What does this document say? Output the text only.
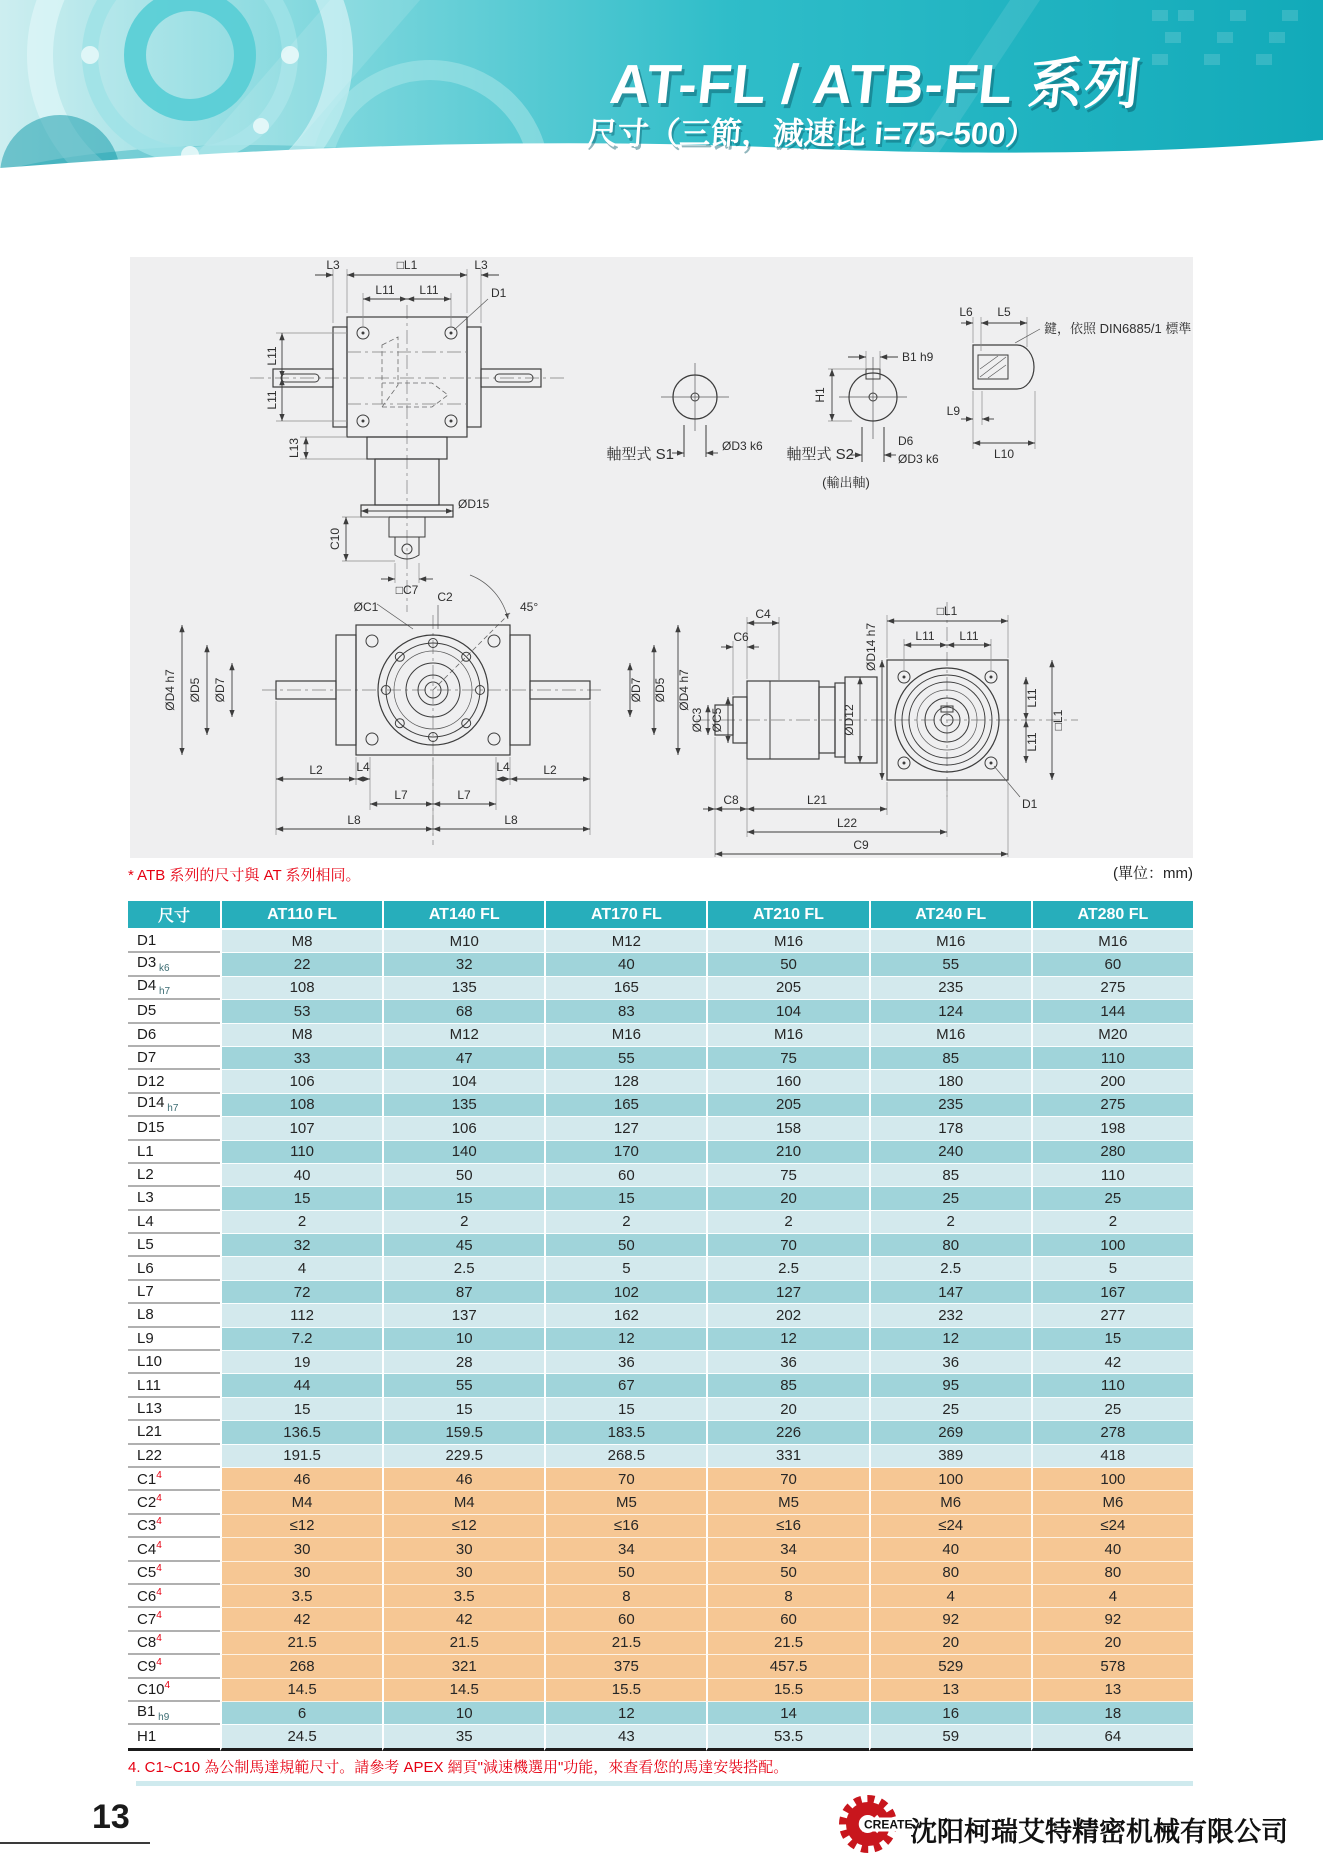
AT-FL / ATB-FL 系列
尺寸（三節，減速比 i=75~500）
L3	□L1	L3
L11 L11	D1
L11
L11
L13
ØD15
C10
□C7
ØC1
C2
45°
ØD4 h7 ØD5 ØD7	ØD7 ØD5 ØD4 h7
L2	L4	L4	L2
L7	L7
L8	L8
軸型式 S1	ØD3 k6
B1 h9
H1
D6
ØD3 k6
軸型式 S2
(輸出軸)
L6 L5
鍵，依照 DIN6885/1 標準
L9
L10
C4
C6
ØC5
ØC3	ØD12
ØD14 h7
□L1
L11 L11
L11
L11
□L1
D1
C8	L21
L22
C9
* ATB 系列的尺寸與 AT 系列相同。	(單位：mm)
尺寸	AT110 FL	AT140 FL	AT170 FL	AT210 FL	AT240 FL	AT280 FL
D1	M8	M10	M12	M16	M16	M16
D3 $_{k6}$	22	32	40	50	55	60
D4 $_{h7}$	108	135	165	205	235	275
D5	53	68	83	104	124	144
D6	M8	M12	M16	M16	M16	M20
D7	33	47	55	75	85	110
D12	106	104	128	160	180	200
D14 $_{h7}$	108	135	165	205	235	275
D15	107	106	127	158	178	198
L1	110	140	170	210	240	280
L2	40	50	60	75	85	110
L3	15	15	15	20	25	25
L4	2	2	2	2	2	2
L5	32	45	50	70	80	100
L6	4	2.5	5	2.5	2.5	5
L7	72	87	102	127	147	167
L8	112	137	162	202	232	277
L9	7.2	10	12	12	12	15
L10	19	28	36	36	36	42
L11	44	55	67	85	95	110
L13	15	15	15	20	25	25
L21	136.5	159.5	183.5	226	269	278
L22	191.5	229.5	268.5	331	389	418
$C1^4$	46	46	70	70	100	100
$C2^4$	M4	M4	M5	M5	M6	M6
$C3^4$	≤12	≤12	≤16	≤16	≤24	≤24
$C4^4$	30	30	34	34	40	40
$C5^4$	30	30	50	50	80	80
$C6^4$	3.5	3.5	8	8	4	4
$C7^4$	42	42	60	60	92	92
$C8^4$	21.5	21.5	21.5	21.5	20	20
$C9^4$	268	321	375	457.5	529	578
$C10^4$	14.5	14.5	15.5	15.5	13	13
B1 $_{h9}$	6	10	12	14	16	18
H1	24.5	35	43	53.5	59	64
4. C1~C10 為公制馬達規範尺寸。請參考 APEX 網頁"減速機選用"功能，來查看您的馬達安裝搭配。
13	CREATE
沈阳柯瑞艾特精密机械有限公司
